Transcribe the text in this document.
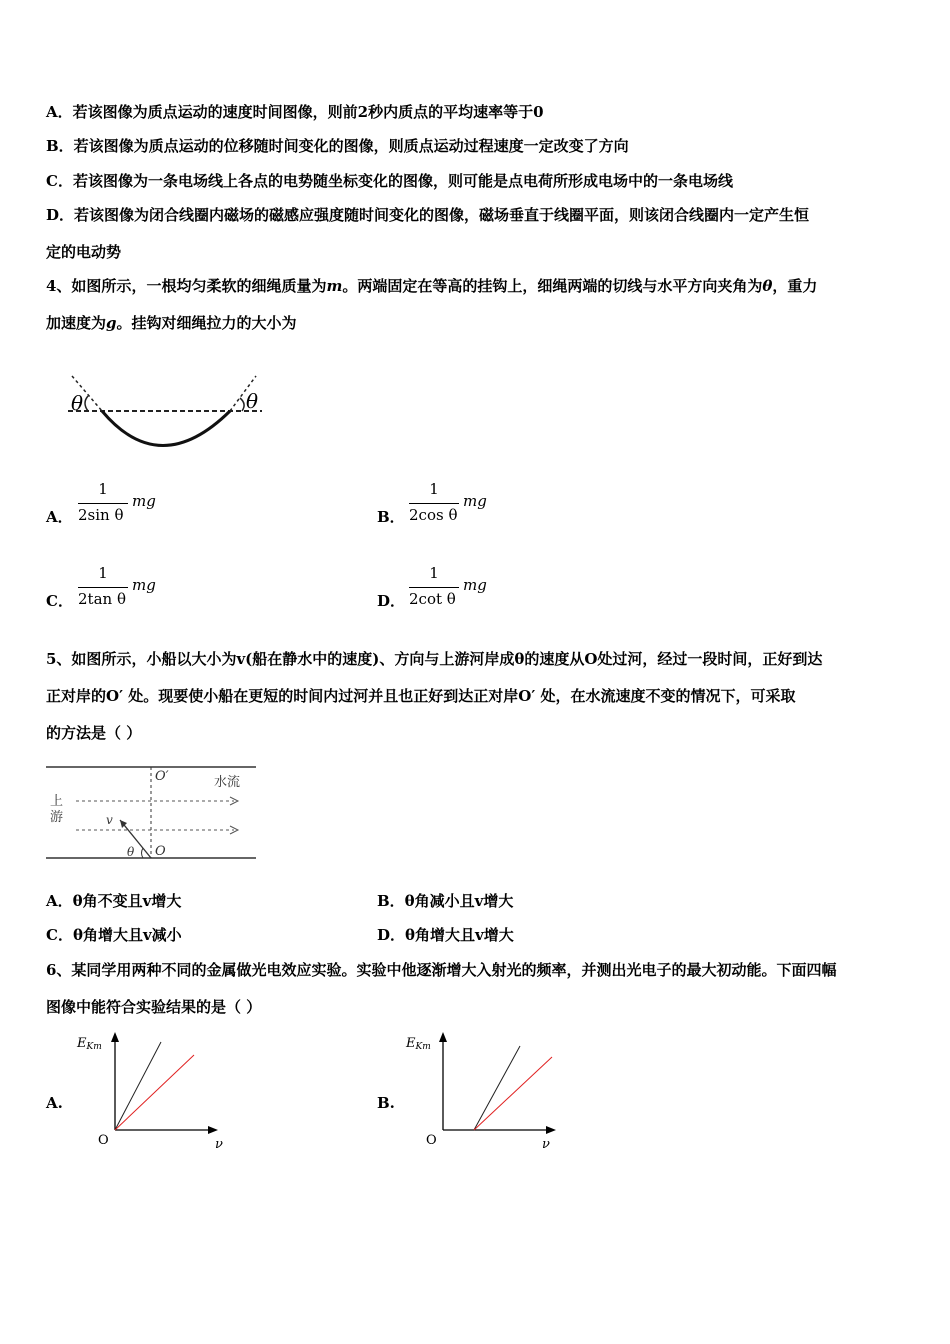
A．若该图像为质点运动的速度时间图像，则前2秒内质点的平均速率等于0
B．若该图像为质点运动的位移随时间变化的图像，则质点运动过程速度一定改变了方向
C．若该图像为一条电场线上各点的电势随坐标变化的图像，则可能是点电荷所形成电场中的一条电场线
D．若该图像为闭合线圈内磁场的磁感应强度随时间变化的图像，磁场垂直于线圈平面，则该闭合线圈内一定产生恒
定的电动势
4、如图所示，一根均匀柔软的细绳质量为m。两端固定在等高的挂钩上，细绳两端的切线与水平方向夹角为θ，重力
加速度为g。挂钩对细绳拉力的大小为
θ	θ
A．
1
2sin θ
mg
B．
1
2cos θ
mg
C．
1
2tan θ
mg
D．
1
2cot θ
mg
5、如图所示，小船以大小为v(船在静水中的速度)、方向与上游河岸成θ的速度从O处过河，经过一段时间，正好到达
正对岸的O′ 处。现要使小船在更短的时间内过河并且也正好到达正对岸O′ 处，在水流速度不变的情况下，可采取
的方法是（ ）
O′	水流
上
游	v
θ O
A．θ角不变且v增大	B．θ角减小且v增大
C．θ角增大且v减小	D．θ角增大且v增大
6、某同学用两种不同的金属做光电效应实验。实验中他逐渐增大入射光的频率，并测出光电子的最大初动能。下面四幅
图像中能符合实验结果的是（ ）
A.
EKm
O	ν
B.
EKm
O	ν
